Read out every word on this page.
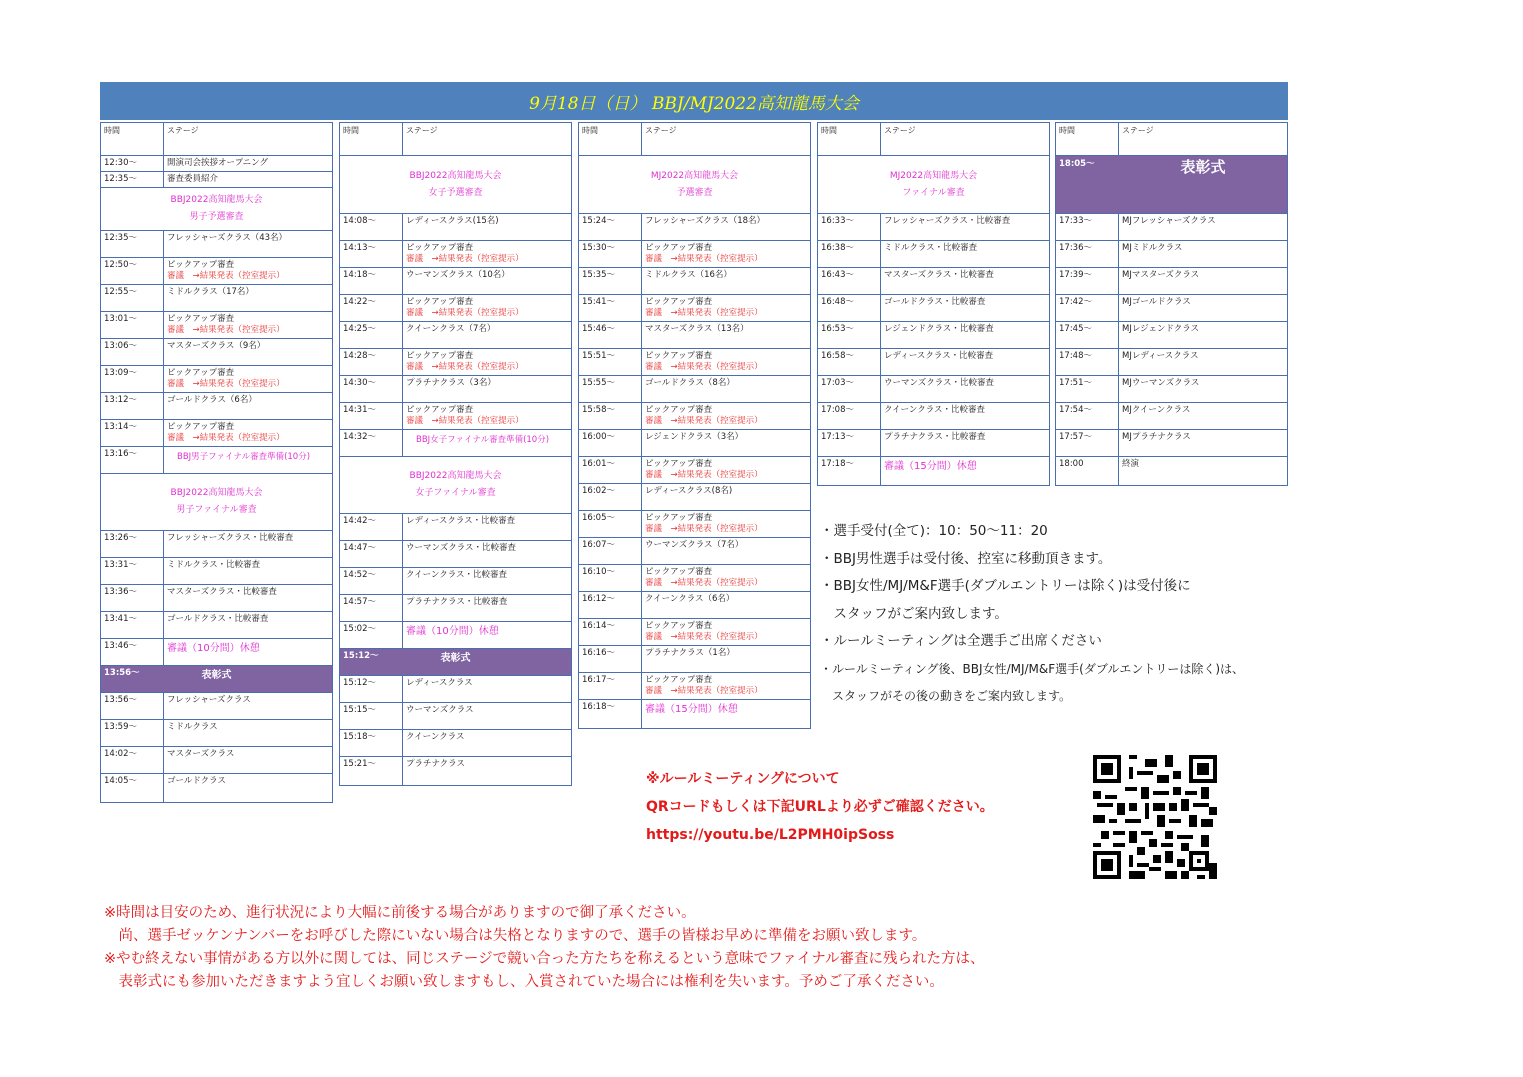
9月18日（日） BBJ/MJ2022高知龍馬大会
時間	ステージ
12:30～	開演司会挨拶オープニング
12:35～	審査委員紹介
BBJ2022高知龍馬大会
男子予選審査
12:35～	フレッシャーズクラス（43名）
12:50～	ピックアップ審査
審議　→結果発表（控室提示）
12:55～	ミドルクラス（17名）
13:01～	ピックアップ審査
審議　→結果発表（控室提示）
13:06～	マスターズクラス（9名）
13:09～	ピックアップ審査
審議　→結果発表（控室提示）
13:12～	ゴールドクラス（6名）
13:14～	ピックアップ審査
審議　→結果発表（控室提示）
13:16～	BBJ男子ファイナル審査準備(10分)
BBJ2022高知龍馬大会
男子ファイナル審査
13:26～	フレッシャーズクラス・比較審査
13:31～	ミドルクラス・比較審査
13:36～	マスターズクラス・比較審査
13:41～	ゴールドクラス・比較審査
13:46～	審議（10分間）休憩
13:56～	表彰式
13:56～	フレッシャーズクラス
13:59～	ミドルクラス
14:02～	マスターズクラス
14:05～	ゴールドクラス
時間	ステージ
BBJ2022高知龍馬大会
女子予選審査
14:08～	レディースクラス(15名)
14:13～	ピックアップ審査
審議　→結果発表（控室提示）
14:18～	ウーマンズクラス（10名）
14:22～	ピックアップ審査
審議　→結果発表（控室提示）
14:25～	クイーンクラス（7名）
14:28～	ピックアップ審査
審議　→結果発表（控室提示）
14:30～	プラチナクラス（3名）
14:31～	ピックアップ審査
審議　→結果発表（控室提示）
14:32～	BBJ女子ファイナル審査準備(10分)
BBJ2022高知龍馬大会
女子ファイナル審査
14:42～	レディースクラス・比較審査
14:47～	ウーマンズクラス・比較審査
14:52～	クイーンクラス・比較審査
14:57～	プラチナクラス・比較審査
15:02～	審議（10分間）休憩
15:12～	表彰式
15:12～	レディースクラス
15:15～	ウーマンズクラス
15:18～	クイーンクラス
15:21～	プラチナクラス
時間	ステージ
MJ2022高知龍馬大会
予選審査
15:24～	フレッシャーズクラス（18名）
15:30～	ピックアップ審査
審議　→結果発表（控室提示）
15:35～	ミドルクラス（16名）
15:41～	ピックアップ審査
審議　→結果発表（控室提示）
15:46～	マスターズクラス（13名）
15:51～	ピックアップ審査
審議　→結果発表（控室提示）
15:55～	ゴールドクラス（8名）
15:58～	ピックアップ審査
審議　→結果発表（控室提示）
16:00～	レジェンドクラス（3名）
16:01～	ピックアップ審査
審議　→結果発表（控室提示）
16:02～	レディースクラス(8名)
16:05～	ピックアップ審査
審議　→結果発表（控室提示）
16:07～	ウーマンズクラス（7名）
16:10～	ピックアップ審査
審議　→結果発表（控室提示）
16:12～	クイーンクラス（6名）
16:14～	ピックアップ審査
審議　→結果発表（控室提示）
16:16～	プラチナクラス（1名）
16:17～	ピックアップ審査
審議　→結果発表（控室提示）
16:18～	審議（15分間）休憩
時間	ステージ
MJ2022高知龍馬大会
ファイナル審査
16:33～	フレッシャーズクラス・比較審査
16:38～	ミドルクラス・比較審査
16:43～	マスターズクラス・比較審査
16:48～	ゴールドクラス・比較審査
16:53～	レジェンドクラス・比較審査
16:58～	レディースクラス・比較審査
17:03～	ウーマンズクラス・比較審査
17:08～	クイーンクラス・比較審査
17:13～	プラチナクラス・比較審査
17:18～	審議（15分間）休憩
時間	ステージ
18:05～	表彰式
17:33～	MJフレッシャーズクラス
17:36～	MJミドルクラス
17:39～	MJマスターズクラス
17:42～	MJゴールドクラス
17:45～	MJレジェンドクラス
17:48～	MJレディースクラス
17:51～	MJウーマンズクラス
17:54～	MJクイーンクラス
17:57～	MJプラチナクラス
18:00	終演
・選手受付(全て)：10：50～11：20
・BBJ男性選手は受付後、控室に移動頂きます。
・BBJ女性/MJ/M&F選手(ダブルエントリーは除く)は受付後に
　スタッフがご案内致します。
・ルールミーティングは全選手ご出席ください
・ルールミーティング後、BBJ女性/MJ/M&F選手(ダブルエントリーは除く)は、
　スタッフがその後の動きをご案内致します。
※ルールミーティングについて
QRコードもしくは下記URLより必ずご確認ください。
https://youtu.be/L2PMH0ipSoss
※時間は目安のため、進行状況により大幅に前後する場合がありますので御了承ください。
　尚、選手ゼッケンナンバーをお呼びした際にいない場合は失格となりますので、選手の皆様お早めに準備をお願い致します。
※やむ終えない事情がある方以外に関しては、同じステージで競い合った方たちを称えるという意味でファイナル審査に残られた方は、
　表彰式にも参加いただきますよう宜しくお願い致しますもし、入賞されていた場合には権利を失います。予めご了承ください。
